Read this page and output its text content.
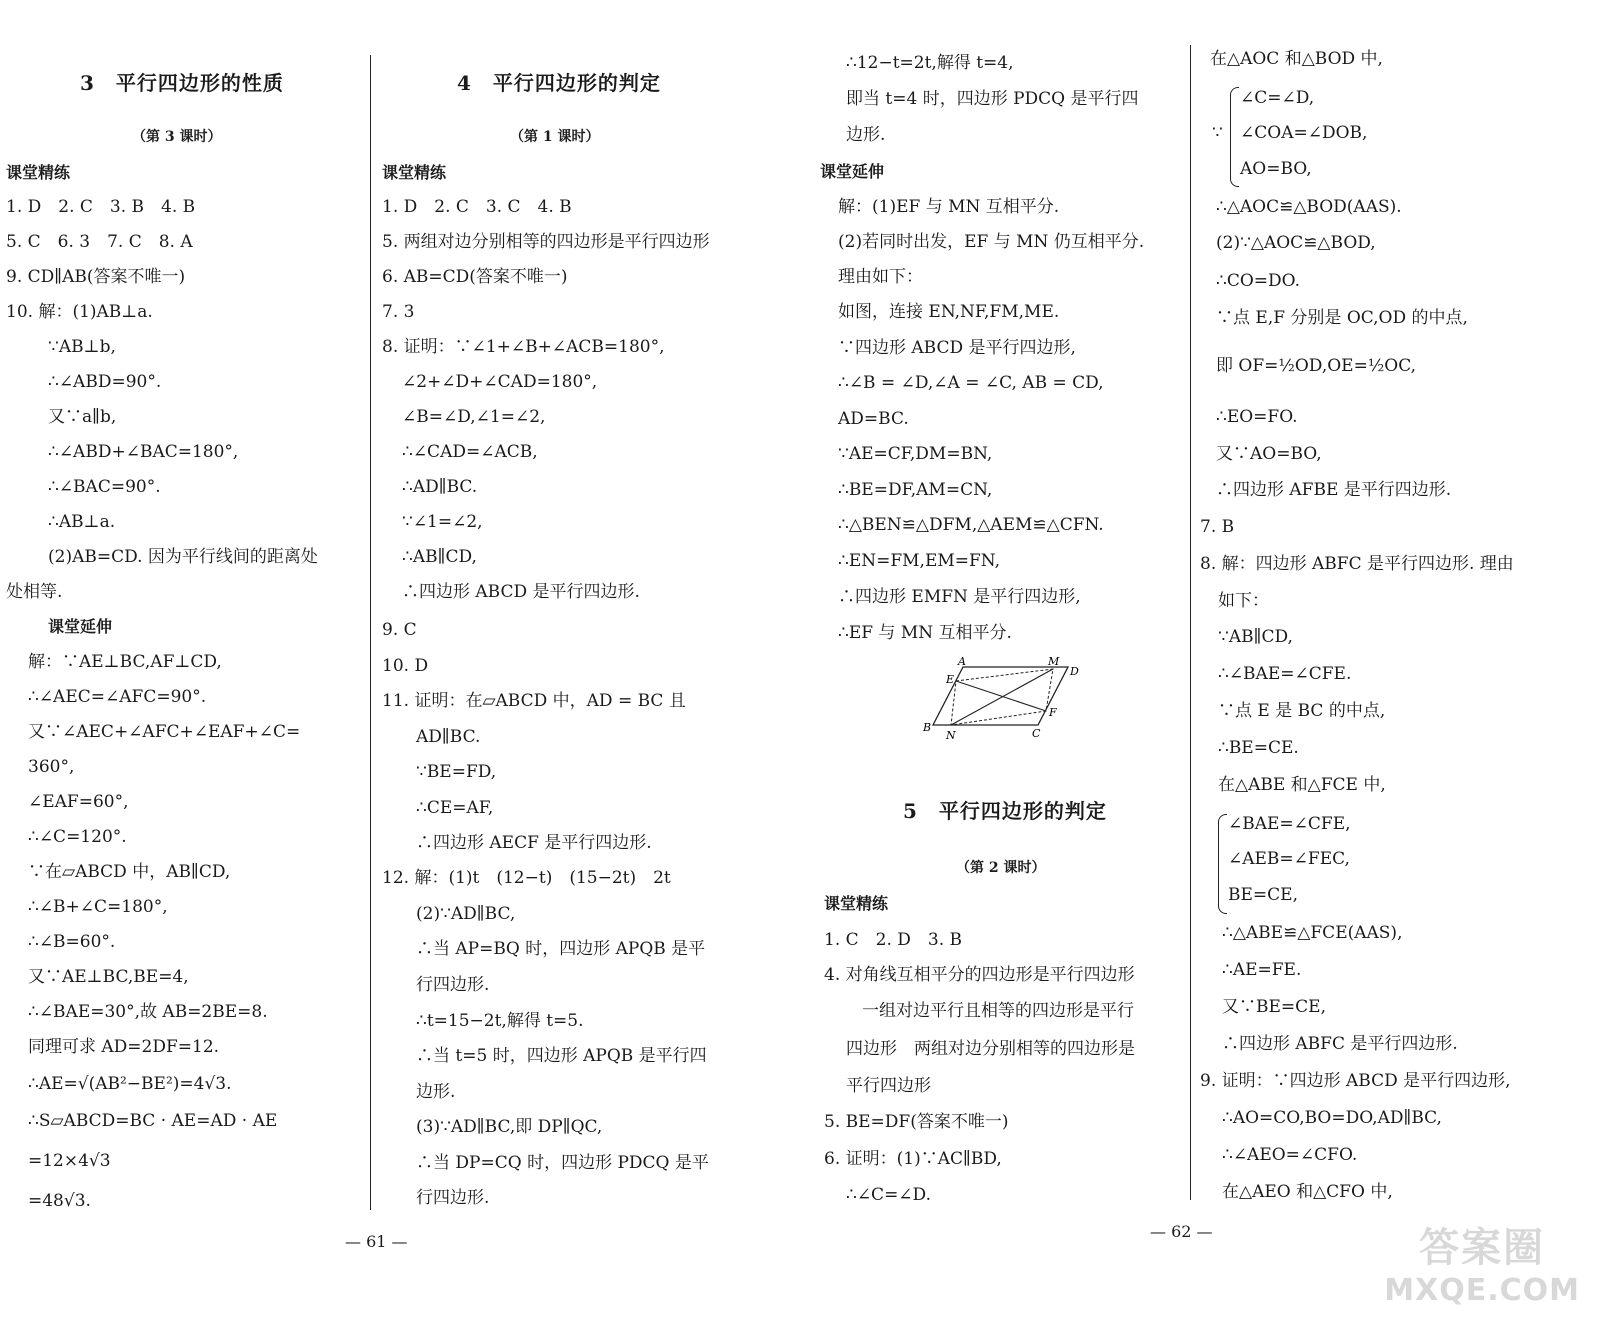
3　平行四边形的性质
（第 3 课时）
课堂精练
1. D　2. C　3. B　4. B
5. C　6. 3　7. C　8. A
9. CD∥AB(答案不唯一)
10. 解：(1)AB⊥a.
∵AB⊥b,
∴∠ABD=90°.
又∵a∥b,
∴∠ABD+∠BAC=180°,
∴∠BAC=90°.
∴AB⊥a.
(2)AB=CD. 因为平行线间的距离处
处相等.
课堂延伸
解：∵AE⊥BC,AF⊥CD,
∴∠AEC=∠AFC=90°.
又∵∠AEC+∠AFC+∠EAF+∠C=
360°,
∠EAF=60°,
∴∠C=120°.
∵在▱ABCD 中，AB∥CD,
∴∠B+∠C=180°,
∴∠B=60°.
又∵AE⊥BC,BE=4,
∴∠BAE=30°,故 AB=2BE=8.
同理可求 AD=2DF=12.
∴AE=√(AB²−BE²)=4√3.
∴S▱ABCD=BC · AE=AD · AE
=12×4√3
=48√3.
4　平行四边形的判定
（第 1 课时）
课堂精练
1. D　2. C　3. C　4. B
5. 两组对边分别相等的四边形是平行四边形
6. AB=CD(答案不唯一)
7. 3
8. 证明：∵∠1+∠B+∠ACB=180°,
∠2+∠D+∠CAD=180°,
∠B=∠D,∠1=∠2,
∴∠CAD=∠ACB,
∴AD∥BC.
∵∠1=∠2,
∴AB∥CD,
∴四边形 ABCD 是平行四边形.
9. C
10. D
11. 证明：在▱ABCD 中，AD = BC 且
AD∥BC.
∵BE=FD,
∴CE=AF,
∴四边形 AECF 是平行四边形.
12. 解：(1)t　(12−t)　(15−2t)　2t
(2)∵AD∥BC,
∴当 AP=BQ 时，四边形 APQB 是平
行四边形.
∴t=15−2t,解得 t=5.
∴当 t=5 时，四边形 APQB 是平行四
边形.
(3)∵AD∥BC,即 DP∥QC,
∴当 DP=CQ 时，四边形 PDCQ 是平
行四边形.
— 61 —
∴12−t=2t,解得 t=4,
即当 t=4 时，四边形 PDCQ 是平行四
边形.
课堂延伸
解：(1)EF 与 MN 互相平分.
(2)若同时出发，EF 与 MN 仍互相平分.
理由如下：
如图，连接 EN,NF,FM,ME.
∵四边形 ABCD 是平行四边形,
∴∠B = ∠D,∠A = ∠C, AB = CD,
AD=BC.
∵AE=CF,DM=BN,
∴BE=DF,AM=CN,
∴△BEN≌△DFM,△AEM≌△CFN.
∴EN=FM,EM=FN,
∴四边形 EMFN 是平行四边形,
∴EF 与 MN 互相平分.
A	M
D
E
F
B
N	C
5　平行四边形的判定
（第 2 课时）
课堂精练
1. C　2. D　3. B
4. 对角线互相平分的四边形是平行四边形
一组对边平行且相等的四边形是平行
四边形　两组对边分别相等的四边形是
平行四边形
5. BE=DF(答案不唯一)
6. 证明：(1)∵AC∥BD,
∴∠C=∠D.
在△AOC 和△BOD 中,
∵
∠C=∠D,
∠COA=∠DOB,
AO=BO,
∴△AOC≌△BOD(AAS).
(2)∵△AOC≌△BOD,
∴CO=DO.
∵点 E,F 分别是 OC,OD 的中点,
即 OF=½OD,OE=½OC,
∴EO=FO.
又∵AO=BO,
∴四边形 AFBE 是平行四边形.
7. B
8. 解：四边形 ABFC 是平行四边形. 理由
如下：
∵AB∥CD,
∴∠BAE=∠CFE.
∵点 E 是 BC 的中点,
∴BE=CE.
在△ABE 和△FCE 中,
∠BAE=∠CFE,
∠AEB=∠FEC,
BE=CE,
∴△ABE≌△FCE(AAS),
∴AE=FE.
又∵BE=CE,
∴四边形 ABFC 是平行四边形.
9. 证明：∵四边形 ABCD 是平行四边形,
∴AO=CO,BO=DO,AD∥BC,
∴∠AEO=∠CFO.
在△AEO 和△CFO 中,
— 62 —	答案圈
MXQE.COM
